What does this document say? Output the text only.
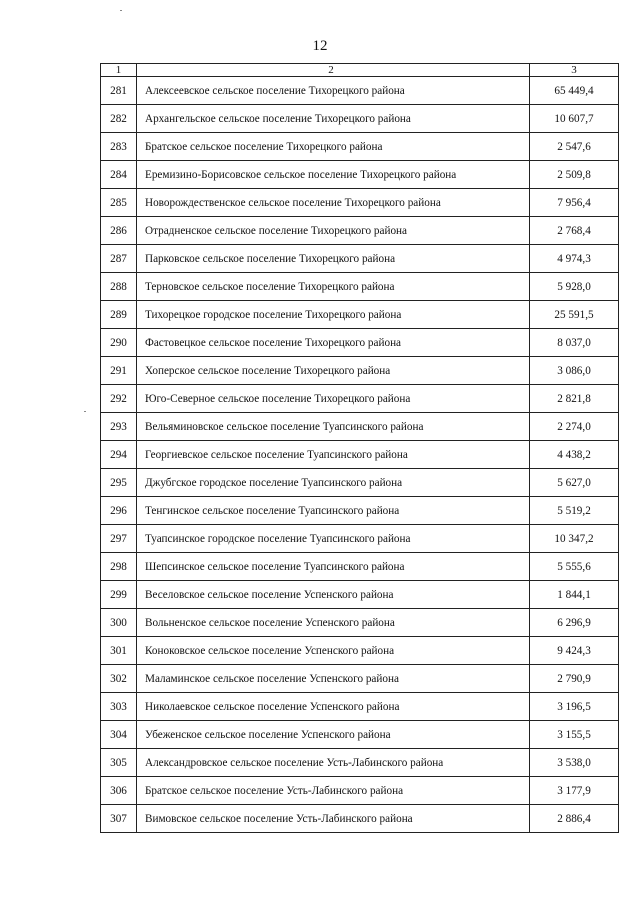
12
1	2	3
281	Алексеевское сельское поселение Тихорецкого района	65 449,4
282	Архангельское сельское поселение Тихорецкого района	10 607,7
283	Братское сельское поселение Тихорецкого района	2 547,6
284	Еремизино-Борисовское сельское поселение Тихорецкого района	2 509,8
285	Новорождественское сельское поселение Тихорецкого района	7 956,4
286	Отрадненское сельское поселение Тихорецкого района	2 768,4
287	Парковское сельское поселение Тихорецкого района	4 974,3
288	Терновское сельское поселение Тихорецкого района	5 928,0
289	Тихорецкое городское поселение Тихорецкого района	25 591,5
290	Фастовецкое сельское поселение Тихорецкого района	8 037,0
291	Хоперское сельское поселение Тихорецкого района	3 086,0
292	Юго-Северное сельское поселение Тихорецкого района	2 821,8
293	Вельяминовское сельское поселение Туапсинского района	2 274,0
294	Георгиевское сельское поселение Туапсинского района	4 438,2
295	Джубгское городское поселение Туапсинского района	5 627,0
296	Тенгинское сельское поселение Туапсинского района	5 519,2
297	Туапсинское городское поселение Туапсинского района	10 347,2
298	Шепсинское сельское поселение Туапсинского района	5 555,6
299	Веселовское сельское поселение Успенского района	1 844,1
300	Вольненское сельское поселение Успенского района	6 296,9
301	Коноковское сельское поселение Успенского района	9 424,3
302	Маламинское сельское поселение Успенского района	2 790,9
303	Николаевское сельское поселение Успенского района	3 196,5
304	Убеженское сельское поселение Успенского района	3 155,5
305	Александровское сельское поселение Усть-Лабинского района	3 538,0
306	Братское сельское поселение Усть-Лабинского района	3 177,9
307	Вимовское сельское поселение Усть-Лабинского района	2 886,4
